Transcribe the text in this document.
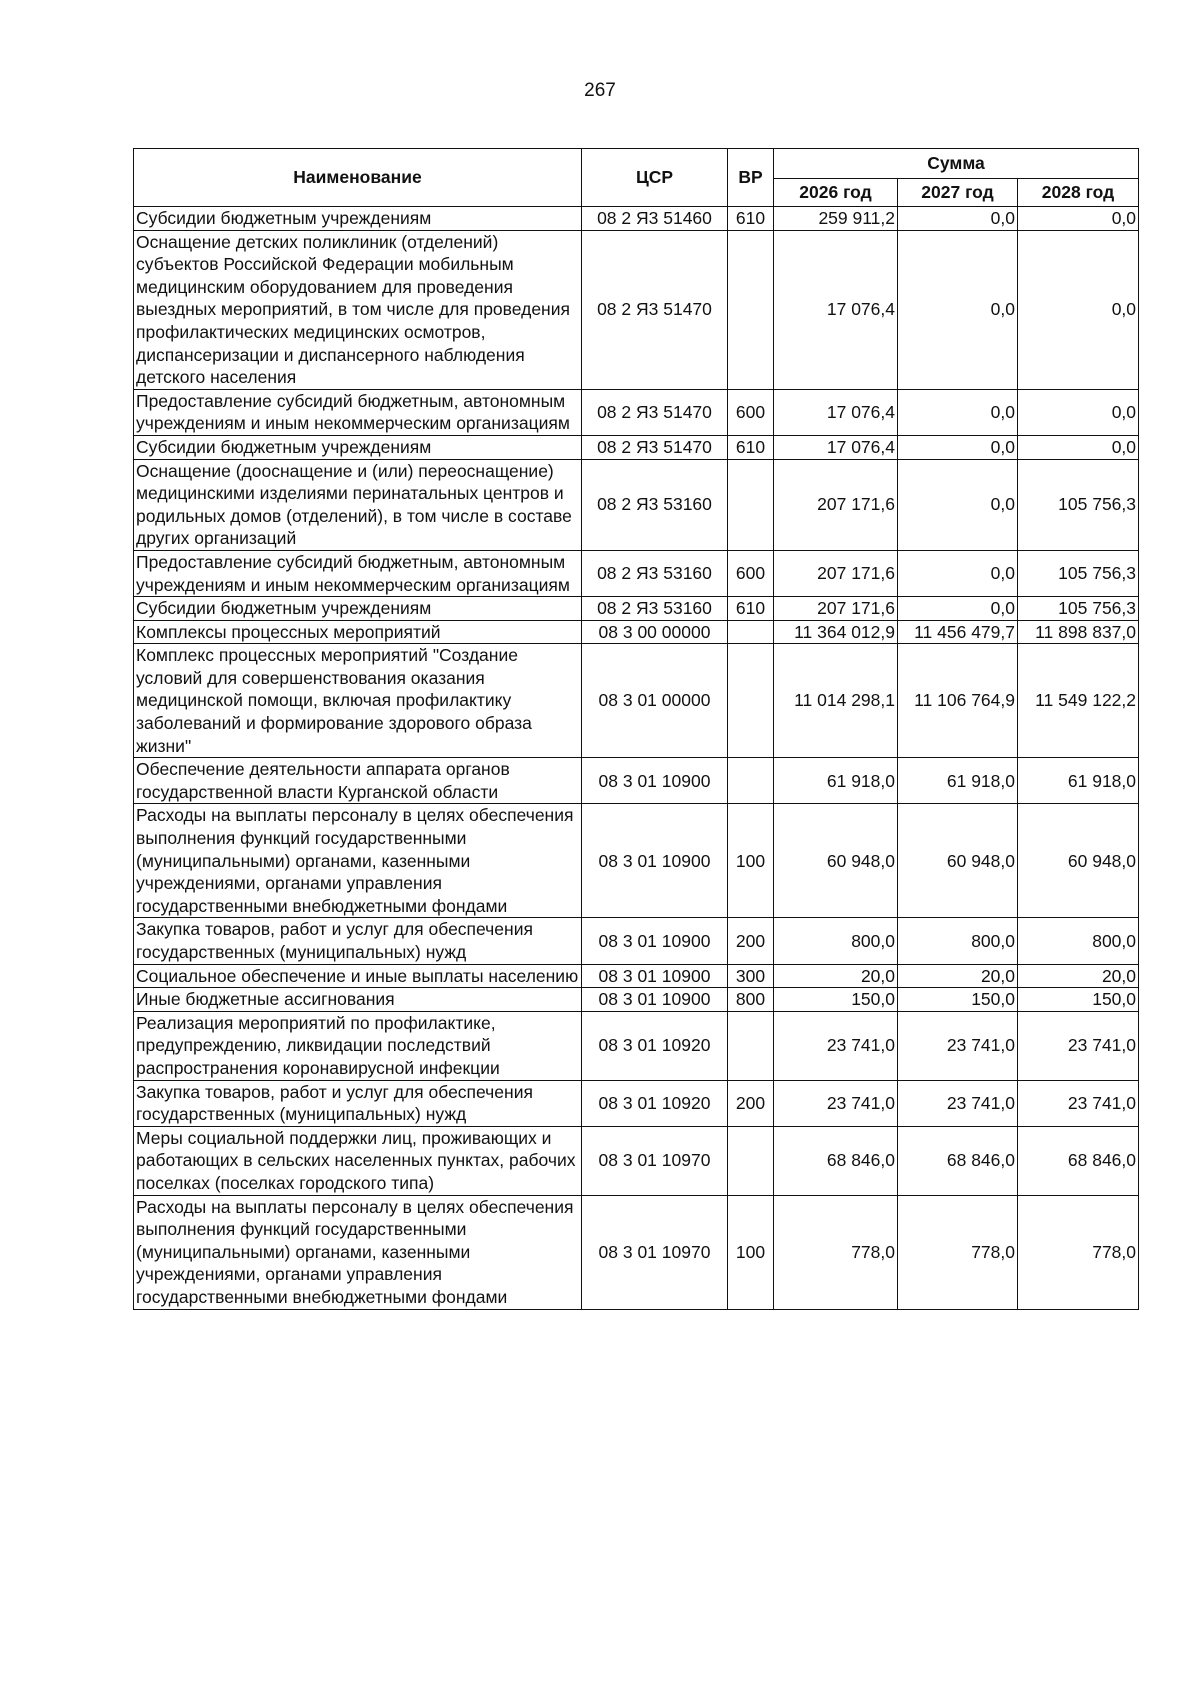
267
Наименование	ЦСР	ВР	Сумма		
			2026 год	2027 год	2028 год
Субсидии бюджетным учреждениям	08 2 Я3 51460	610	259 911,2	0,0	0,0
Оснащение детских поликлиник (отделений) субъектов Российской Федерации мобильным медицинским оборудованием для проведения выездных мероприятий, в том числе для проведения профилактических медицинских осмотров, диспансеризации и диспансерного наблюдения детского населения	08 2 Я3 51470		17 076,4	0,0	0,0
Предоставление субсидий бюджетным, автономным учреждениям и иным некоммерческим организациям	08 2 Я3 51470	600	17 076,4	0,0	0,0
Субсидии бюджетным учреждениям	08 2 Я3 51470	610	17 076,4	0,0	0,0
Оснащение (дооснащение и (или) переоснащение) медицинскими изделиями перинатальных центров и родильных домов (отделений), в том числе в составе других организаций	08 2 Я3 53160		207 171,6	0,0	105 756,3
Предоставление субсидий бюджетным, автономным учреждениям и иным некоммерческим организациям	08 2 Я3 53160	600	207 171,6	0,0	105 756,3
Субсидии бюджетным учреждениям	08 2 Я3 53160	610	207 171,6	0,0	105 756,3
Комплексы процессных мероприятий	08 3 00 00000		11 364 012,9	11 456 479,7	11 898 837,0
Комплекс процессных мероприятий "Создание условий для совершенствования оказания медицинской помощи, включая профилактику заболеваний и формирование здорового образа жизни"	08 3 01 00000		11 014 298,1	11 106 764,9	11 549 122,2
Обеспечение деятельности аппарата органов государственной власти Курганской области	08 3 01 10900		61 918,0	61 918,0	61 918,0
Расходы на выплаты персоналу в целях обеспечения выполнения функций государственными (муниципальными) органами, казенными учреждениями, органами управления государственными внебюджетными фондами	08 3 01 10900	100	60 948,0	60 948,0	60 948,0
Закупка товаров, работ и услуг для обеспечения государственных (муниципальных) нужд	08 3 01 10900	200	800,0	800,0	800,0
Социальное обеспечение и иные выплаты населению	08 3 01 10900	300	20,0	20,0	20,0
Иные бюджетные ассигнования	08 3 01 10900	800	150,0	150,0	150,0
Реализация мероприятий по профилактике, предупреждению, ликвидации последствий распространения коронавирусной инфекции	08 3 01 10920		23 741,0	23 741,0	23 741,0
Закупка товаров, работ и услуг для обеспечения государственных (муниципальных) нужд	08 3 01 10920	200	23 741,0	23 741,0	23 741,0
Меры социальной поддержки лиц, проживающих и работающих в сельских населенных пунктах, рабочих поселках (поселках городского типа)	08 3 01 10970		68 846,0	68 846,0	68 846,0
Расходы на выплаты персоналу в целях обеспечения выполнения функций государственными (муниципальными) органами, казенными учреждениями, органами управления государственными внебюджетными фондами	08 3 01 10970	100	778,0	778,0	778,0
